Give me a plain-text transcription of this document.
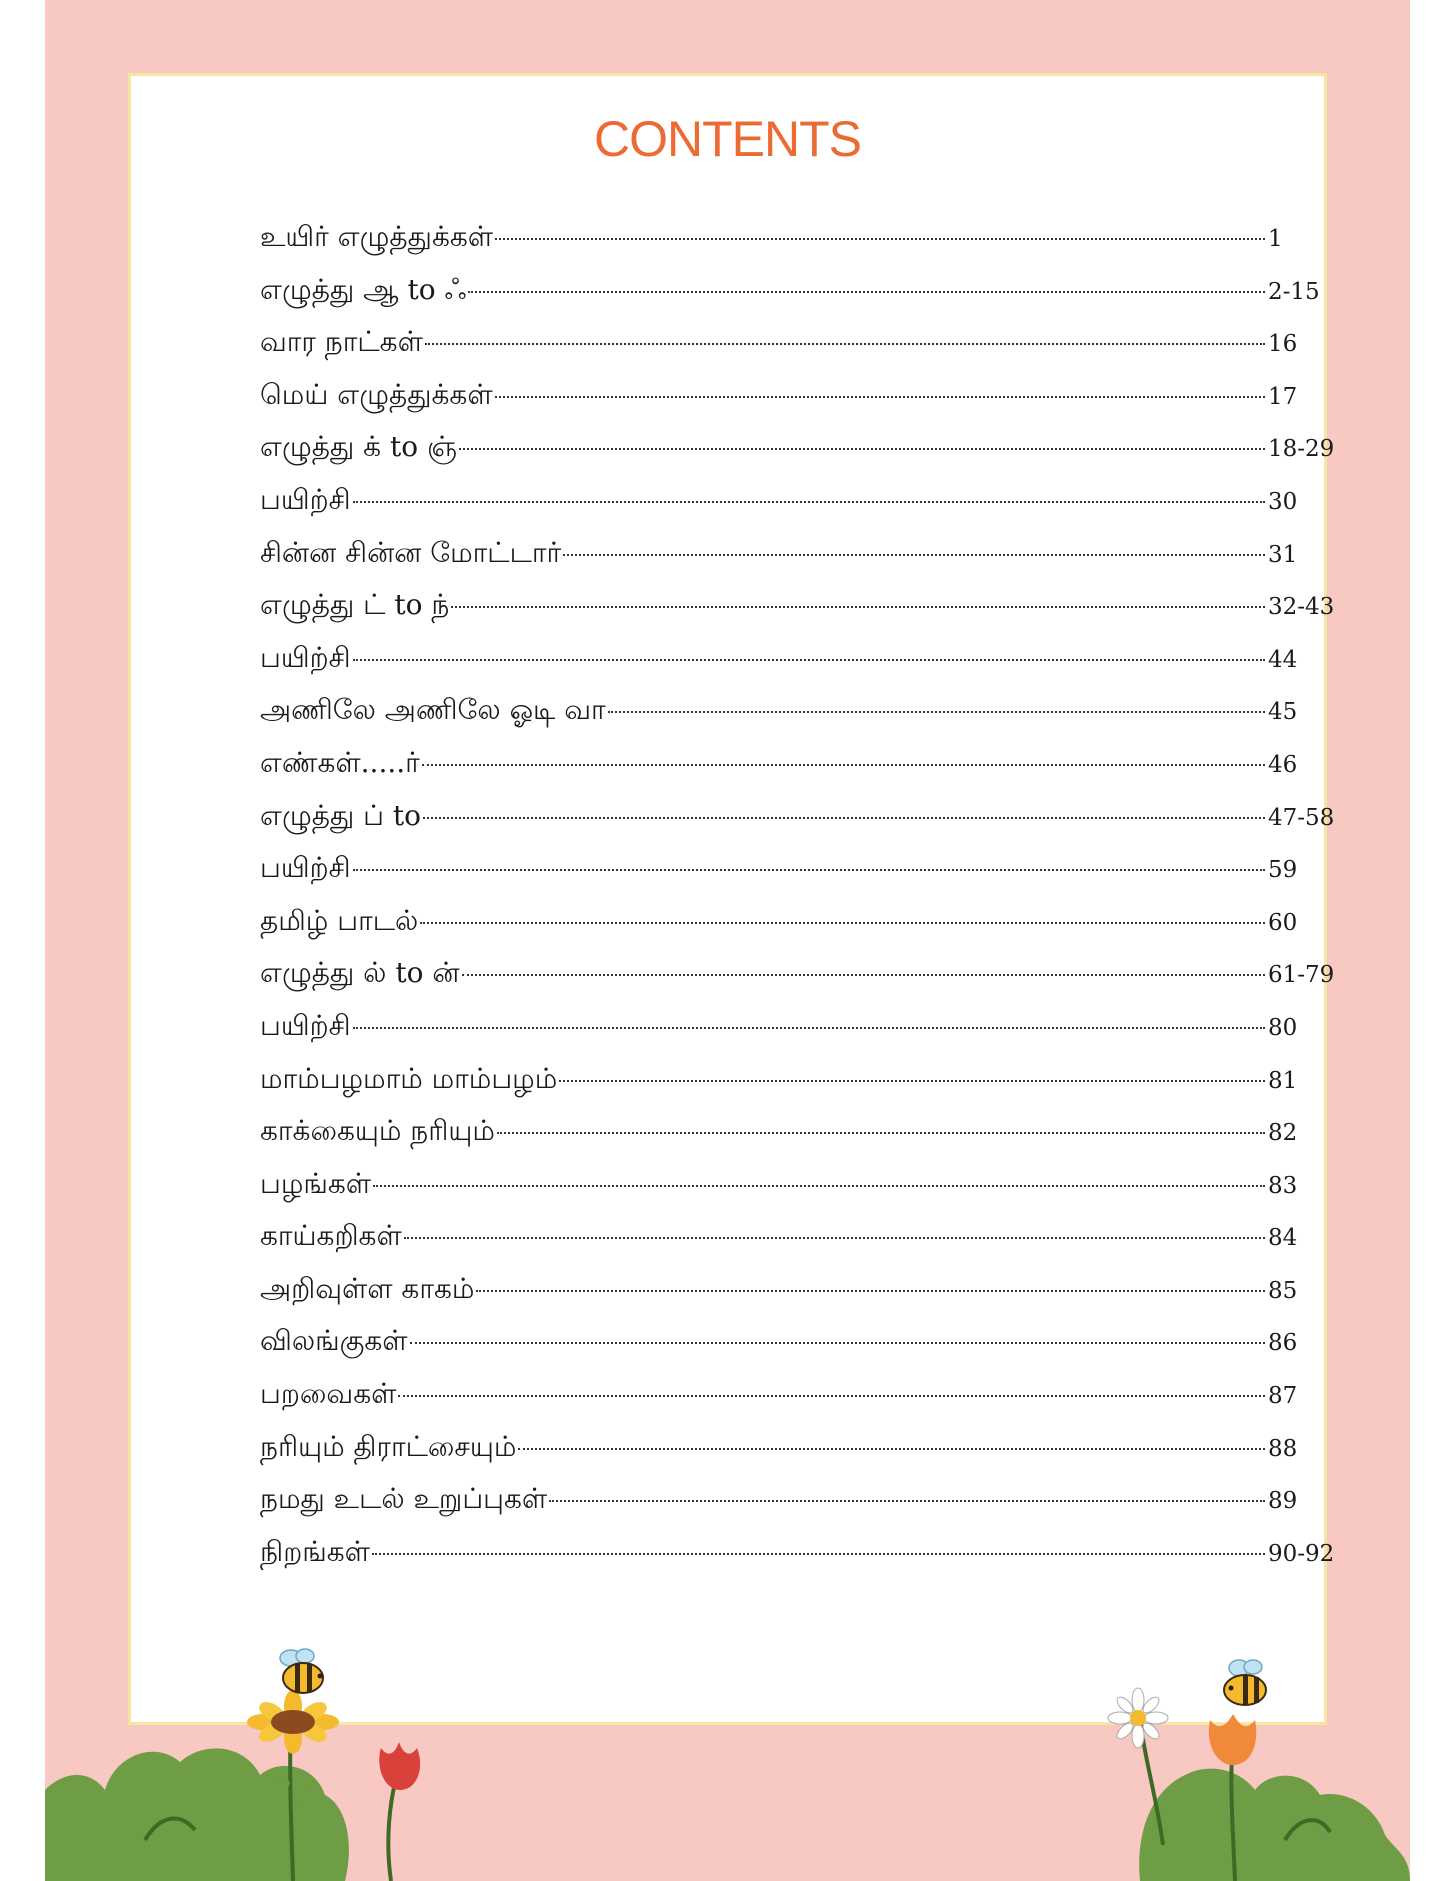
CONTENTS
உயிர் எழுத்துக்கள்	1
எழுத்து ஆ to ஃ	2-15
வார நாட்கள்	16
மெய் எழுத்துக்கள்	17
எழுத்து க் to ஞ்	18-29
பயிற்சி	30
சின்ன சின்ன மோட்டார்	31
எழுத்து ட் to ந்	32-43
பயிற்சி	44
அணிலே அணிலே ஓடி வா	45
எண்கள்.....ர்	46
எழுத்து ப் to	47-58
பயிற்சி	59
தமிழ் பாடல்	60
எழுத்து ல் to ன்	61-79
பயிற்சி	80
மாம்பழமாம் மாம்பழம்	81
காக்கையும் நரியும்	82
பழங்கள்	83
காய்கறிகள்	84
அறிவுள்ள காகம்	85
விலங்குகள்	86
பறவைகள்	87
நரியும் திராட்சையும்	88
நமது உடல் உறுப்புகள்	89
நிறங்கள்	90-92
